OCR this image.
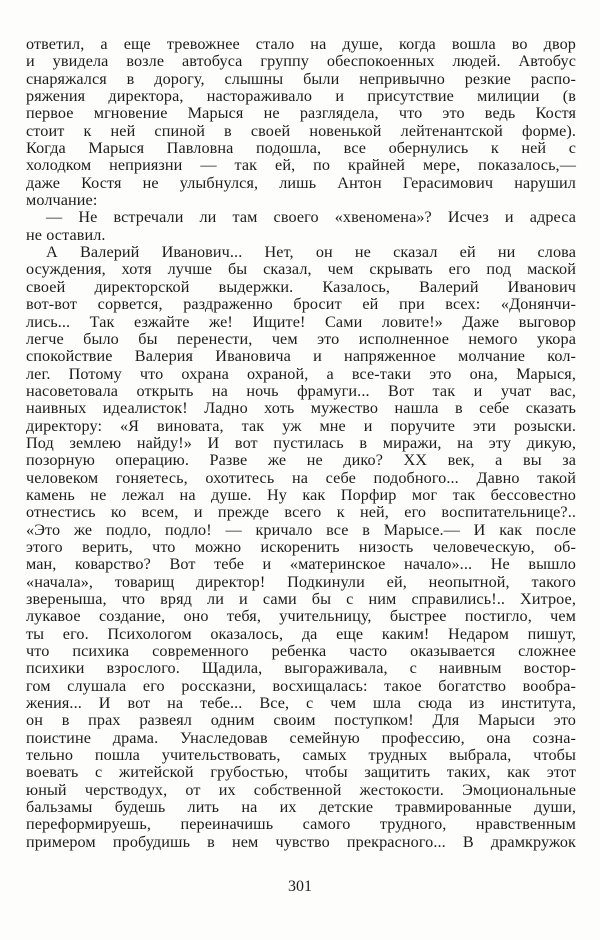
ответил, а еще тревожнее стало на душе, когда вошла во двор
и увидела возле автобуса группу обеспокоенных людей. Автобус
снаряжался в дорогу, слышны были непривычно резкие распо-
ряжения директора, настораживало и присутствие милиции (в
первое мгновение Марыся не разглядела, что это ведь Костя
стоит к ней спиной в своей новенькой лейтенантской форме).
Когда Марыся Павловна подошла, все обернулись к ней с
холодком неприязни — так ей, по крайней мере, показалось,—
даже Костя не улыбнулся, лишь Антон Герасимович нарушил
молчание:
— Не встречали ли там своего «хвеномена»? Исчез и адреса
не оставил.
А Валерий Иванович... Нет, он не сказал ей ни слова
осуждения, хотя лучше бы сказал, чем скрывать его под маской
своей директорской выдержки. Казалось, Валерий Иванович
вот-вот сорвется, раздраженно бросит ей при всех: «Донянчи-
лись... Так езжайте же! Ищите! Сами ловите!» Даже выговор
легче было бы перенести, чем это исполненное немого укора
спокойствие Валерия Ивановича и напряженное молчание кол-
лег. Потому что охрана охраной, а все-таки это она, Марыся,
насоветовала открыть на ночь фрамуги... Вот так и учат вас,
наивных идеалисток! Ладно хоть мужество нашла в себе сказать
директору: «Я виновата, так уж мне и поручите эти розыски.
Под землею найду!» И вот пустилась в миражи, на эту дикую,
позорную операцию. Разве же не дико? XX век, а вы за
человеком гоняетесь, охотитесь на себе подобного... Давно такой
камень не лежал на душе. Ну как Порфир мог так бессовестно
отнестись ко всем, и прежде всего к ней, его воспитательнице?..
«Это же подло, подло! — кричало все в Марысе.— И как после
этого верить, что можно искоренить низость человеческую, об-
ман, коварство? Вот тебе и «материнское начало»... Не вышло
«начала», товарищ директор! Подкинули ей, неопытной, такого
звереныша, что вряд ли и сами бы с ним справились!.. Хитрое,
лукавое создание, оно тебя, учительницу, быстрее постигло, чем
ты его. Психологом оказалось, да еще каким! Недаром пишут,
что психика современного ребенка часто оказывается сложнее
психики взрослого. Щадила, выгораживала, с наивным востор-
гом слушала его россказни, восхищалась: такое богатство вообра-
жения... И вот на тебе... Все, с чем шла сюда из института,
он в прах развеял одним своим поступком! Для Марыси это
поистине драма. Унаследовав семейную профессию, она созна-
тельно пошла учительствовать, самых трудных выбрала, чтобы
воевать с житейской грубостью, чтобы защитить таких, как этот
юный черстводух, от их собственной жестокости. Эмоциональные
бальзамы будешь лить на их детские травмированные души,
переформируешь, переиначишь самого трудного, нравственным
примером пробудишь в нем чувство прекрасного... В драмкружок
301
